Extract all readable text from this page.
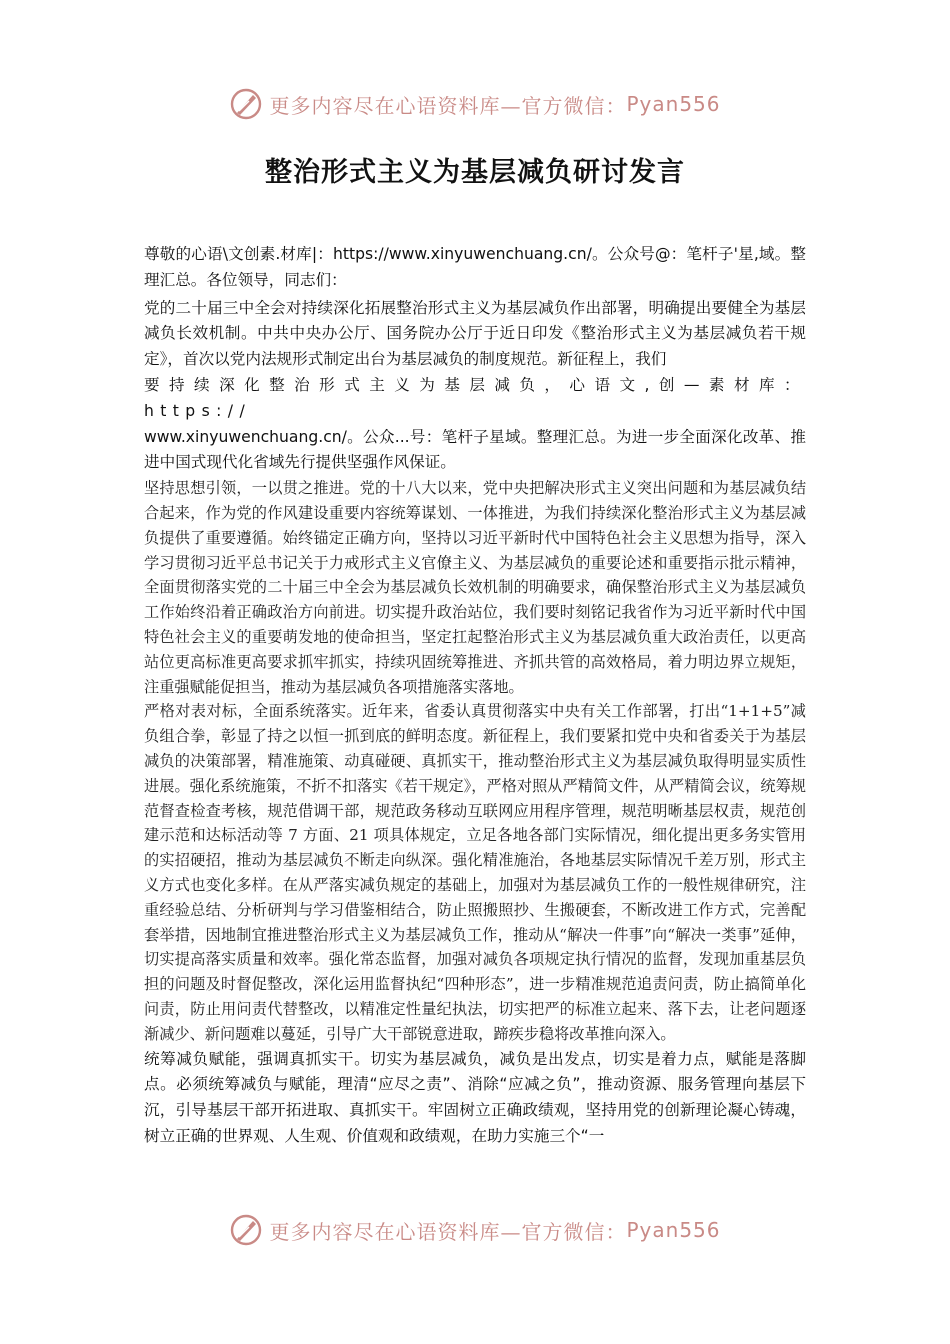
更多内容尽在心语资料库—官方微信： Pyan556
整治形式主义为基层减负研讨发言

尊敬的心语\文创素.材库|：https://www.xinyuwenchuang.cn/。公众号@：笔杆子'星,域。整理汇总。各位领导，同志们：

党的二十届三中全会对持续深化拓展整治形式主义为基层减负作出部署，明确提出要健全为基层减负长效机制。中共中央办公厅、国务院办公厅于近日印发《整治形式主义为基层减负若干规定》，首次以党内法规形式制定出台为基层减负的制度规范。新征程上，我们

要持续深化整治形式主义为基层减负，心语文,创—素材库：https://

www.xinyuwenchuang.cn/。公众...号：笔杆子星域。整理汇总。为进一步全面深化改革、推进中国式现代化省域先行提供坚强作风保证。

坚持思想引领，一以贯之推进。党的十八大以来，党中央把解决形式主义突出问题和为基层减负结合起来，作为党的作风建设重要内容统筹谋划、一体推进，为我们持续深化整治形式主义为基层减负提供了重要遵循。始终锚定正确方向，坚持以习近平新时代中国特色社会主义思想为指导，深入学习贯彻习近平总书记关于力戒形式主义官僚主义、为基层减负的重要论述和重要指示批示精神，全面贯彻落实党的二十届三中全会为基层减负长效机制的明确要求，确保整治形式主义为基层减负工作始终沿着正确政治方向前进。切实提升政治站位，我们要时刻铭记我省作为习近平新时代中国特色社会主义的重要萌发地的使命担当，坚定扛起整治形式主义为基层减负重大政治责任，以更高站位更高标准更高要求抓牢抓实，持续巩固统筹推进、齐抓共管的高效格局，着力明边界立规矩，注重强赋能促担当，推动为基层减负各项措施落实落地。

严格对表对标，全面系统落实。近年来，省委认真贯彻落实中央有关工作部署，打出“1+1+5”减负组合拳，彰显了持之以恒一抓到底的鲜明态度。新征程上，我们要紧扣党中央和省委关于为基层减负的决策部署，精准施策、动真碰硬、真抓实干，推动整治形式主义为基层减负取得明显实质性进展。强化系统施策，不折不扣落实《若干规定》，严格对照从严精简文件，从严精简会议，统筹规范督查检查考核，规范借调干部，规范政务移动互联网应用程序管理，规范明晰基层权责，规范创建示范和达标活动等 7 方面、21 项具体规定，立足各地各部门实际情况，细化提出更多务实管用的实招硬招，推动为基层减负不断走向纵深。强化精准施治，各地基层实际情况千差万别，形式主义方式也变化多样。在从严落实减负规定的基础上，加强对为基层减负工作的一般性规律研究，注重经验总结、分析研判与学习借鉴相结合，防止照搬照抄、生搬硬套，不断改进工作方式，完善配套举措，因地制宜推进整治形式主义为基层减负工作，推动从“解决一件事”向“解决一类事”延伸，切实提高落实质量和效率。强化常态监督，加强对减负各项规定执行情况的监督，发现加重基层负担的问题及时督促整改，深化运用监督执纪“四种形态”，进一步精准规范追责问责，防止搞简单化问责，防止用问责代替整改，以精准定性量纪执法，切实把严的标准立起来、落下去，让老问题逐渐减少、新问题难以蔓延，引导广大干部锐意进取，蹄疾步稳将改革推向深入。

统筹减负赋能，强调真抓实干。切实为基层减负，减负是出发点，切实是着力点，赋能是落脚点。必须统筹减负与赋能，理清“应尽之责”、消除“应减之负”，推动资源、服务管理向基层下沉，引导基层干部开拓进取、真抓实干。牢固树立正确政绩观，坚持用党的创新理论凝心铸魂，树立正确的世界观、人生观、价值观和政绩观，在助力实施三个“一

更多内容尽在心语资料库—官方微信： Pyan556
